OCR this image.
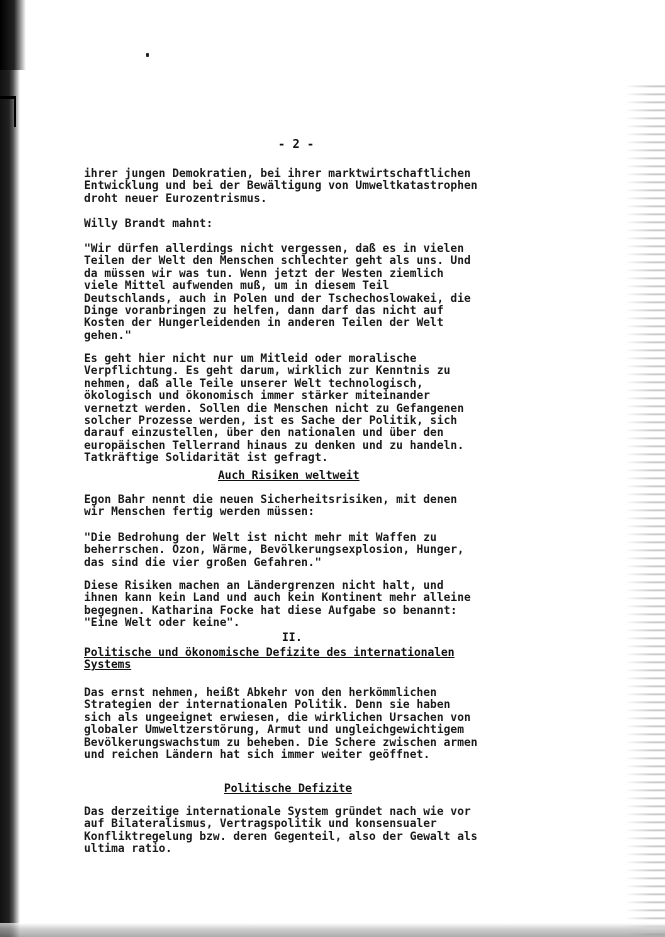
- 2 -
ihrer jungen Demokratien, bei ihrer marktwirtschaftlichen
Entwicklung und bei der Bewältigung von Umweltkatastrophen
droht neuer Eurozentrismus.
Willy Brandt mahnt:
"Wir dürfen allerdings nicht vergessen, daß es in vielen
Teilen der Welt den Menschen schlechter geht als uns. Und
da müssen wir was tun. Wenn jetzt der Westen ziemlich
viele Mittel aufwenden muß, um in diesem Teil
Deutschlands, auch in Polen und der Tschechoslowakei, die
Dinge voranbringen zu helfen, dann darf das nicht auf
Kosten der Hungerleidenden in anderen Teilen der Welt
gehen."
Es geht hier nicht nur um Mitleid oder moralische
Verpflichtung. Es geht darum, wirklich zur Kenntnis zu
nehmen, daß alle Teile unserer Welt technologisch,
ökologisch und ökonomisch immer stärker miteinander
vernetzt werden. Sollen die Menschen nicht zu Gefangenen
solcher Prozesse werden, ist es Sache der Politik, sich
darauf einzustellen, über den nationalen und über den
europäischen Tellerrand hinaus zu denken und zu handeln.
Tatkräftige Solidarität ist gefragt.
Auch Risiken weltweit
Egon Bahr nennt die neuen Sicherheitsrisiken, mit denen
wir Menschen fertig werden müssen:
"Die Bedrohung der Welt ist nicht mehr mit Waffen zu
beherrschen. Ozon, Wärme, Bevölkerungsexplosion, Hunger,
das sind die vier großen Gefahren."
Diese Risiken machen an Ländergrenzen nicht halt, und
ihnen kann kein Land und auch kein Kontinent mehr alleine
begegnen. Katharina Focke hat diese Aufgabe so benannt:
"Eine Welt oder keine".
II.
Politische und ökonomische Defizite des internationalen
Systems
Das ernst nehmen, heißt Abkehr von den herkömmlichen
Strategien der internationalen Politik. Denn sie haben
sich als ungeeignet erwiesen, die wirklichen Ursachen von
globaler Umweltzerstörung, Armut und ungleichgewichtigem
Bevölkerungswachstum zu beheben. Die Schere zwischen armen
und reichen Ländern hat sich immer weiter geöffnet.
Politische Defizite
Das derzeitige internationale System gründet nach wie vor
auf Bilateralismus, Vertragspolitik und konsensualer
Konfliktregelung bzw. deren Gegenteil, also der Gewalt als
ultima ratio.
